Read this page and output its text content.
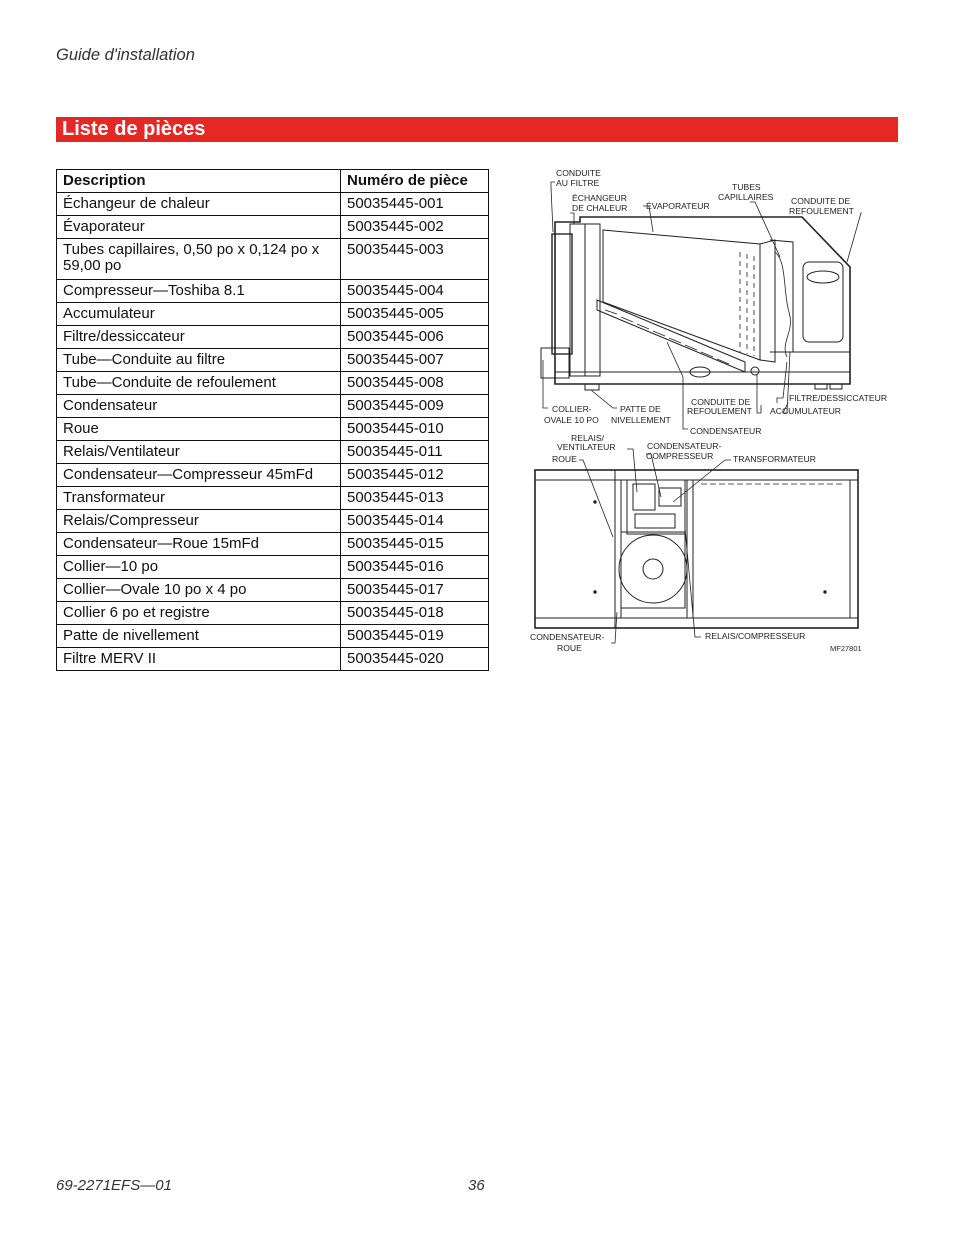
Guide d'installation
Liste de pièces
Description	Numéro de pièce
Échangeur de chaleur	50035445-001
Évaporateur	50035445-002
Tubes capillaires, 0,50 po x 0,124 po x 59,00 po	50035445-003
Compresseur—Toshiba 8.1	50035445-004
Accumulateur	50035445-005
Filtre/dessiccateur	50035445-006
Tube—Conduite au filtre	50035445-007
Tube—Conduite de refoulement	50035445-008
Condensateur	50035445-009
Roue	50035445-010
Relais/Ventilateur	50035445-011
Condensateur—Compresseur 45mFd	50035445-012
Transformateur	50035445-013
Relais/Compresseur	50035445-014
Condensateur—Roue 15mFd	50035445-015
Collier—10 po	50035445-016
Collier—Ovale 10 po x 4 po	50035445-017
Collier 6 po et registre	50035445-018
Patte de nivellement	50035445-019
Filtre MERV II	50035445-020
CONDUITE
AU FILTRE
ÉCHANGEUR
DE CHALEUR ÉVAPORATEUR
TUBES
CAPILLAIRES CONDUITE DE
REFOULEMENT
COLLIER-
OVALE 10 PO
PATTE DE
NIVELLEMENT
CONDUITE DE
REFOULEMENT ACCUMULATEUR
FILTRE/DESSICCATEUR
CONDENSATEUR
RELAIS/
VENTILATEUR
ROUE
CONDENSATEUR-
COMPRESSEUR TRANSFORMATEUR
CONDENSATEUR-
ROUE
RELAIS/COMPRESSEUR
MF27801
69-2271EFS—01	36
